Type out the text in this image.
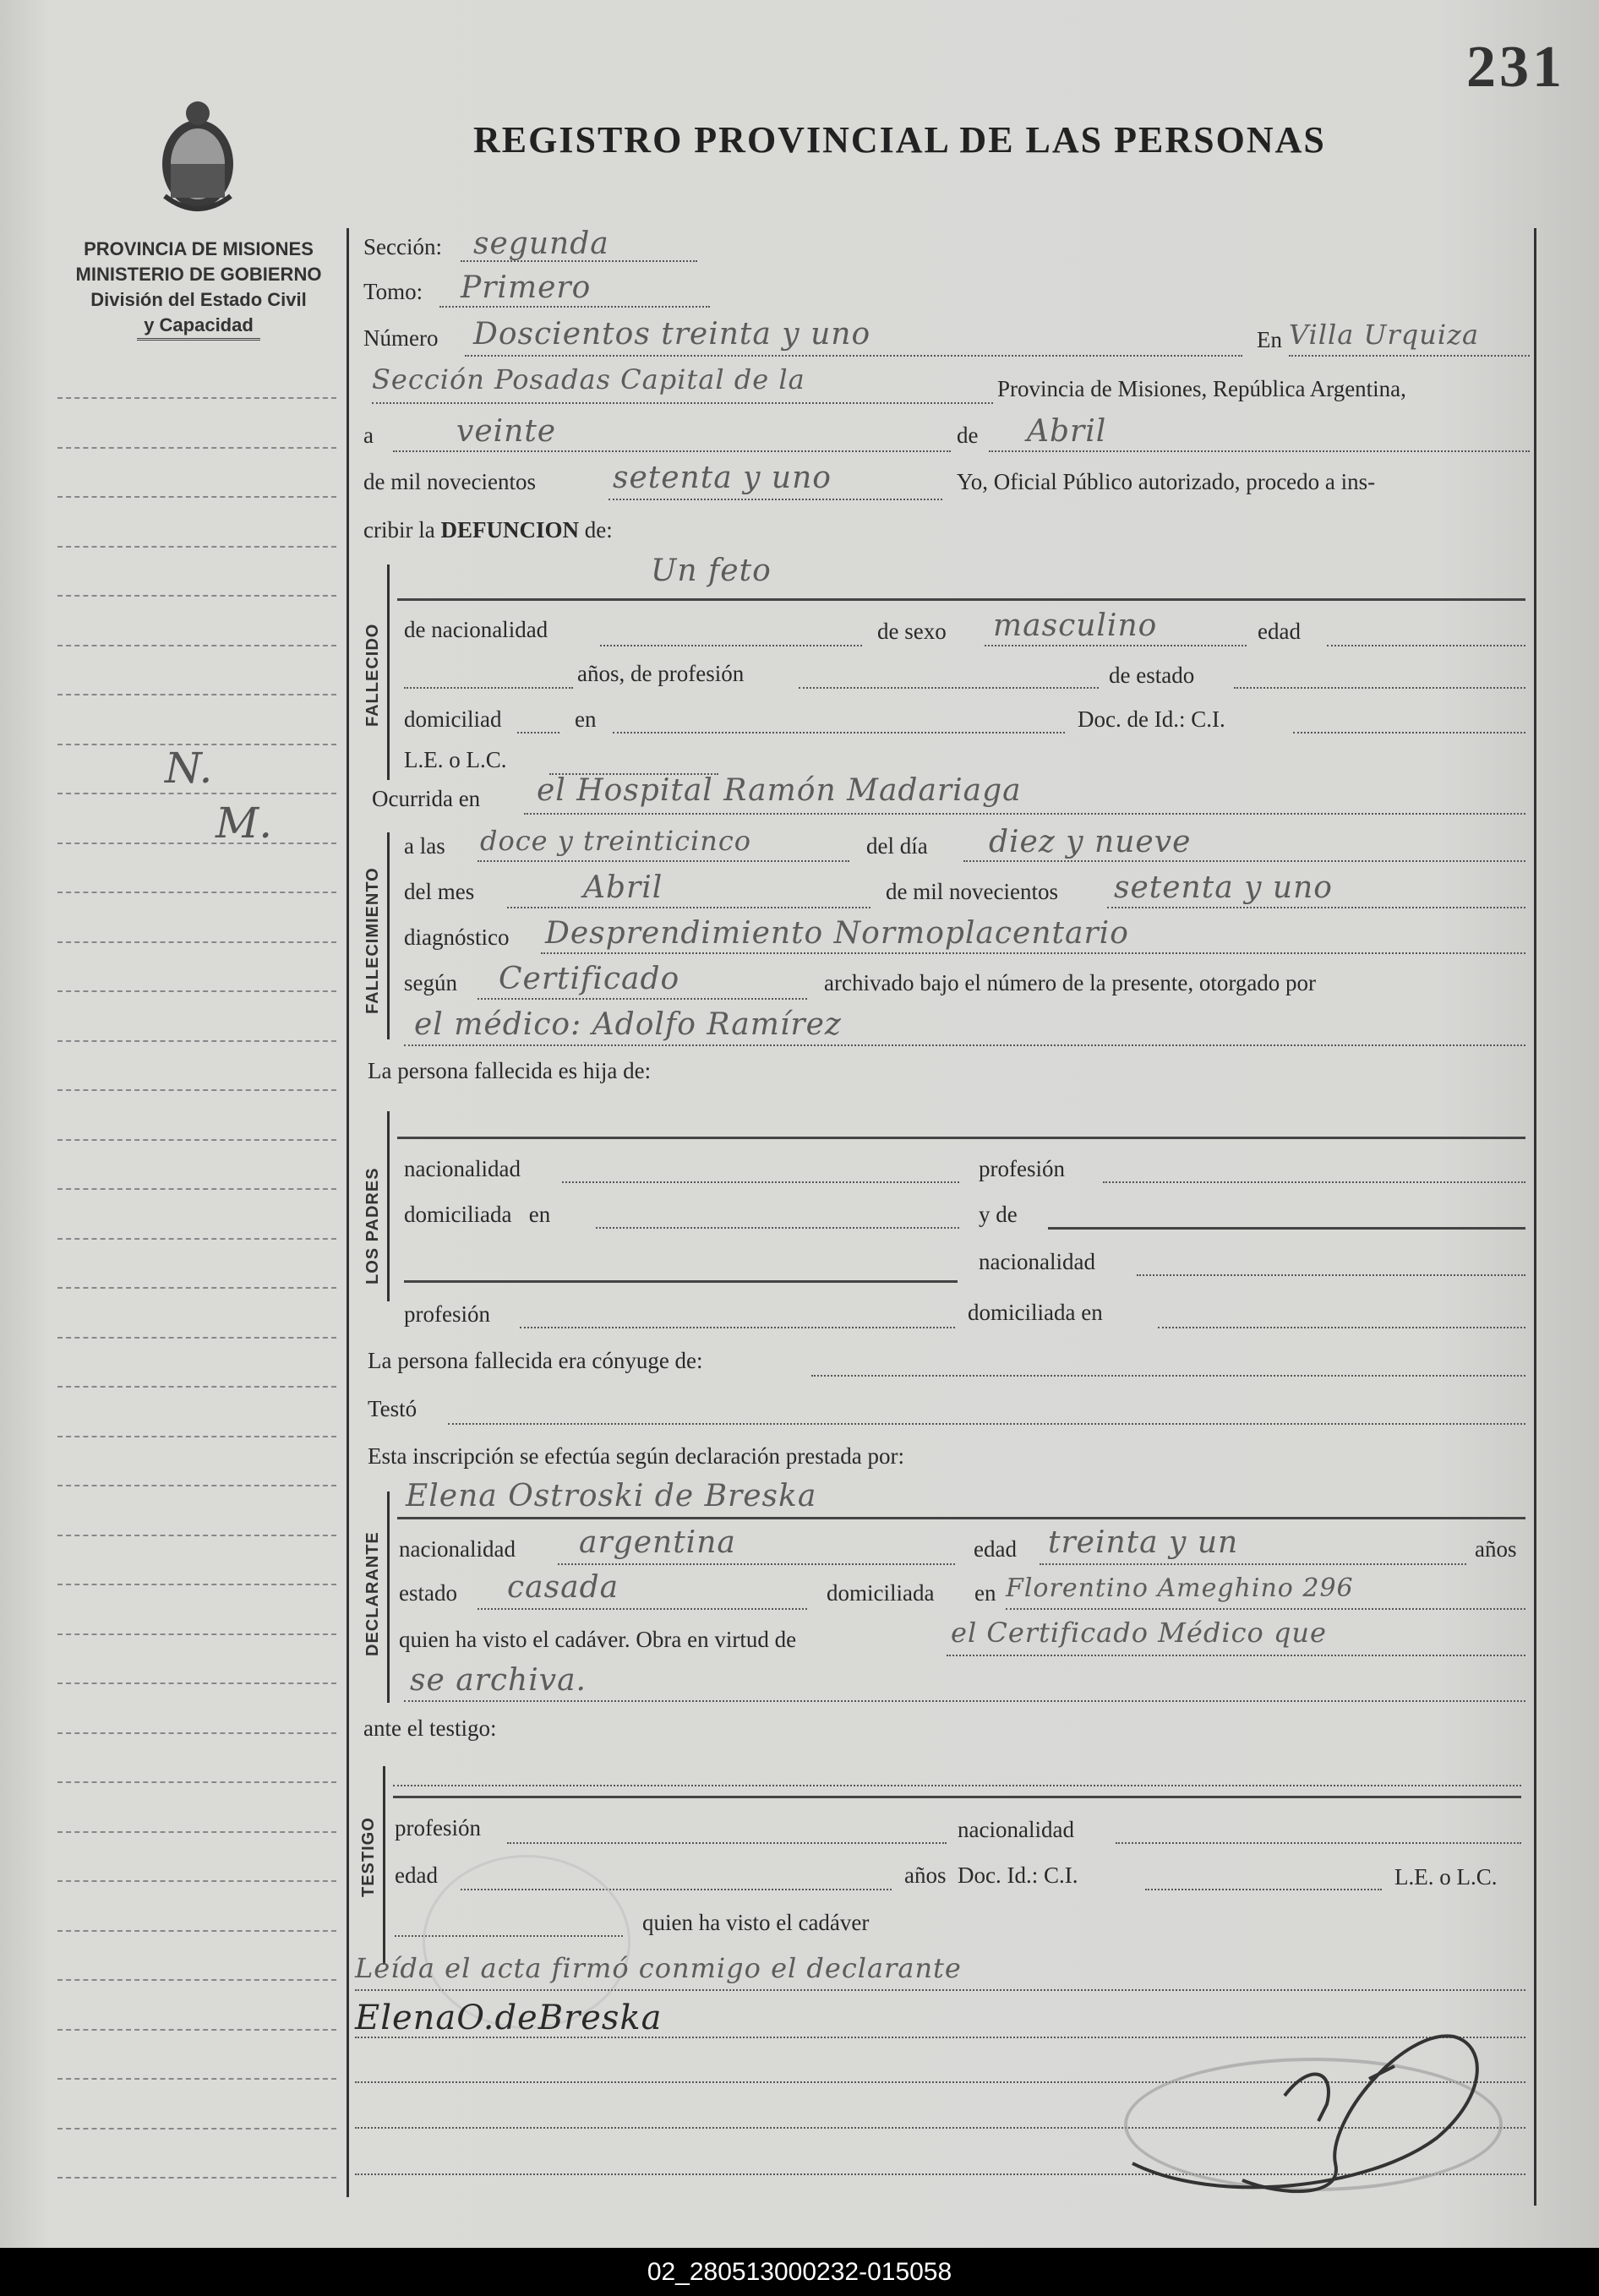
231
REGISTRO PROVINCIAL DE LAS PERSONAS
PROVINCIA DE MISIONES
MINISTERIO DE GOBIERNO
División del Estado Civil
y Capacidad
N.
M.
Sección: segunda
Tomo: Primero
Número Doscientos treinta y uno	En Villa Urquiza
Sección Posadas Capital de la	Provincia de Misiones, República Argentina,
a	veinte	de Abril
de mil novecientos	setenta y uno	Yo, Oficial Público autorizado, procedo a ins-
cribir la DEFUNCION de:
FALLECIDO
Un feto
de nacionalidad	de sexo masculino	edad
años, de profesión	de estado
domiciliad	en	Doc. de Id.: C.I.
L.E. o L.C.
Ocurrida en el Hospital Ramón Madariaga
FALLECIMIENTO
a las doce y treinticinco	del día diez y nueve
del mes	Abril	de mil novecientos setenta y uno
diagnóstico Desprendimiento Normoplacentario
según Certificado	archivado bajo el número de la presente, otorgado por
el médico: Adolfo Ramírez
La persona fallecida es hija de:
LOS PADRES nacionalidad	profesión
domiciliada en	y de
nacionalidad
profesión	domiciliada en
La persona fallecida era cónyuge de:
Testó
Esta inscripción se efectúa según declaración prestada por:
DECLARANTE
Elena Ostroski de Breska
nacionalidad argentina	edad treinta y un	años
estado casada	domiciliada en Florentino Ameghino 296
quien ha visto el cadáver. Obra en virtud de	el Certificado Médico que
se archiva.
ante el testigo:
TESTIGO profesión	nacionalidad
edad	años Doc. Id.: C.I.	L.E. o L.C.
quien ha visto el cadáver
Leída el acta firmó conmigo el declarante
ElenaO.deBreska
02_280513000232-015058
